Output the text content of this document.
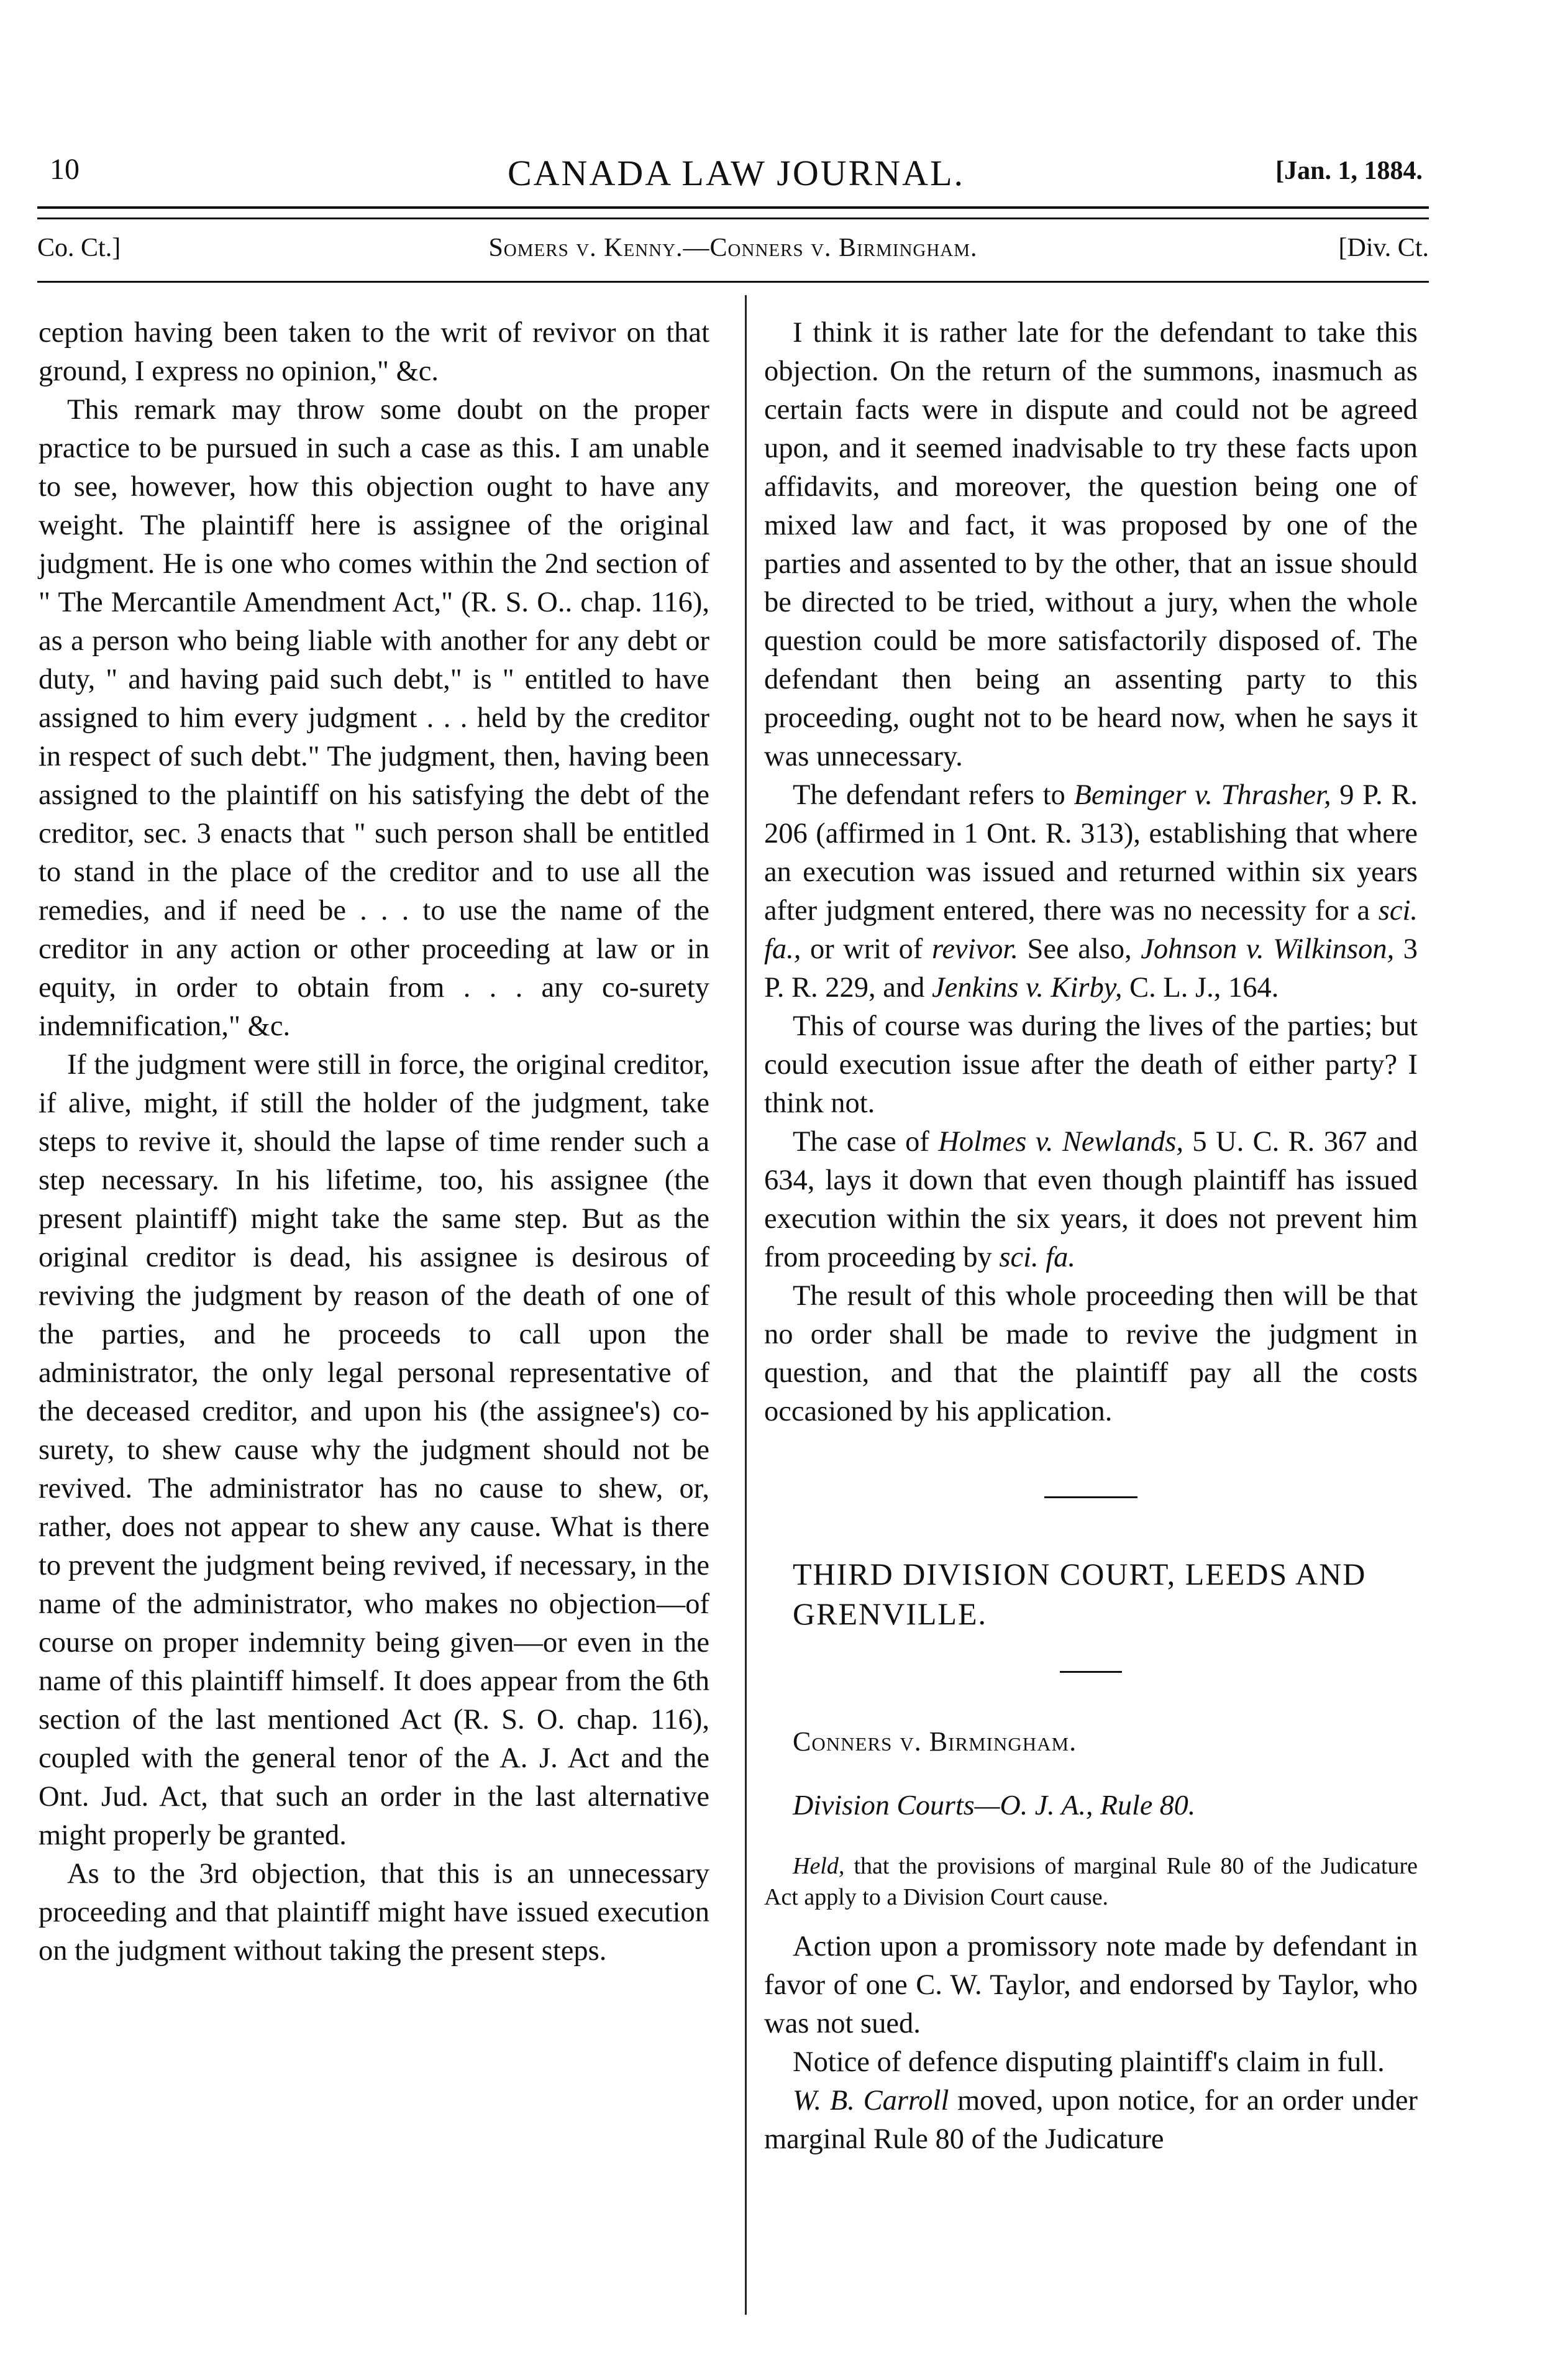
10	CANADA LAW JOURNAL.	[Jan. 1, 1884.
Co. Ct.]	Somers v. Kenny.—Conners v. Birmingham.	[Div. Ct.

ception having been taken to the writ of revivor on that ground, I express no opinion," &c.

This remark may throw some doubt on the proper practice to be pursued in such a case as this. I am unable to see, however, how this objection ought to have any weight. The plaintiff here is assignee of the original judgment. He is one who comes within the 2nd section of " The Mercantile Amendment Act," (R. S. O.. chap. 116), as a person who being liable with another for any debt or duty, " and having paid such debt," is " entitled to have assigned to him every judgment . . . held by the creditor in respect of such debt." The judgment, then, having been assigned to the plaintiff on his satisfying the debt of the creditor, sec. 3 enacts that " such person shall be entitled to stand in the place of the creditor and to use all the remedies, and if need be . . . to use the name of the creditor in any action or other proceeding at law or in equity, in order to obtain from . . . any co-surety indemnification," &c.

If the judgment were still in force, the original creditor, if alive, might, if still the holder of the judgment, take steps to revive it, should the lapse of time render such a step necessary. In his lifetime, too, his assignee (the present plaintiff) might take the same step. But as the original creditor is dead, his assignee is desirous of reviving the judgment by reason of the death of one of the parties, and he proceeds to call upon the administrator, the only legal personal representative of the deceased creditor, and upon his (the assignee's) co-surety, to shew cause why the judgment should not be revived. The administrator has no cause to shew, or, rather, does not appear to shew any cause. What is there to prevent the judgment being revived, if necessary, in the name of the administrator, who makes no objection—of course on proper indemnity being given—or even in the name of this plaintiff himself. It does appear from the 6th section of the last mentioned Act (R. S. O. chap. 116), coupled with the general tenor of the A. J. Act and the Ont. Jud. Act, that such an order in the last alternative might properly be granted.

As to the 3rd objection, that this is an unnecessary proceeding and that plaintiff might have issued execution on the judgment without taking the present steps.

I think it is rather late for the defendant to take this objection. On the return of the summons, inasmuch as certain facts were in dispute and could not be agreed upon, and it seemed inadvisable to try these facts upon affidavits, and moreover, the question being one of mixed law and fact, it was proposed by one of the parties and assented to by the other, that an issue should be directed to be tried, without a jury, when the whole question could be more satisfactorily disposed of. The defendant then being an assenting party to this proceeding, ought not to be heard now, when he says it was unnecessary.

The defendant refers to Beminger v. Thrasher, 9 P. R. 206 (affirmed in 1 Ont. R. 313), establishing that where an execution was issued and returned within six years after judgment entered, there was no necessity for a sci. fa., or writ of revivor. See also, Johnson v. Wilkinson, 3 P. R. 229, and Jenkins v. Kirby, C. L. J., 164.

This of course was during the lives of the parties; but could execution issue after the death of either party? I think not.

The case of Holmes v. Newlands, 5 U. C. R. 367 and 634, lays it down that even though plaintiff has issued execution within the six years, it does not prevent him from proceeding by sci. fa.

The result of this whole proceeding then will be that no order shall be made to revive the judgment in question, and that the plaintiff pay all the costs occasioned by his application.

THIRD DIVISION COURT, LEEDS AND

GRENVILLE.

Conners v. Birmingham.

Division Courts—O. J. A., Rule 80.

Held, that the provisions of marginal Rule 80 of the Judicature Act apply to a Division Court cause.

Action upon a promissory note made by defendant in favor of one C. W. Taylor, and endorsed by Taylor, who was not sued.

Notice of defence disputing plaintiff's claim in full.

W. B. Carroll moved, upon notice, for an order under marginal Rule 80 of the Judicature
